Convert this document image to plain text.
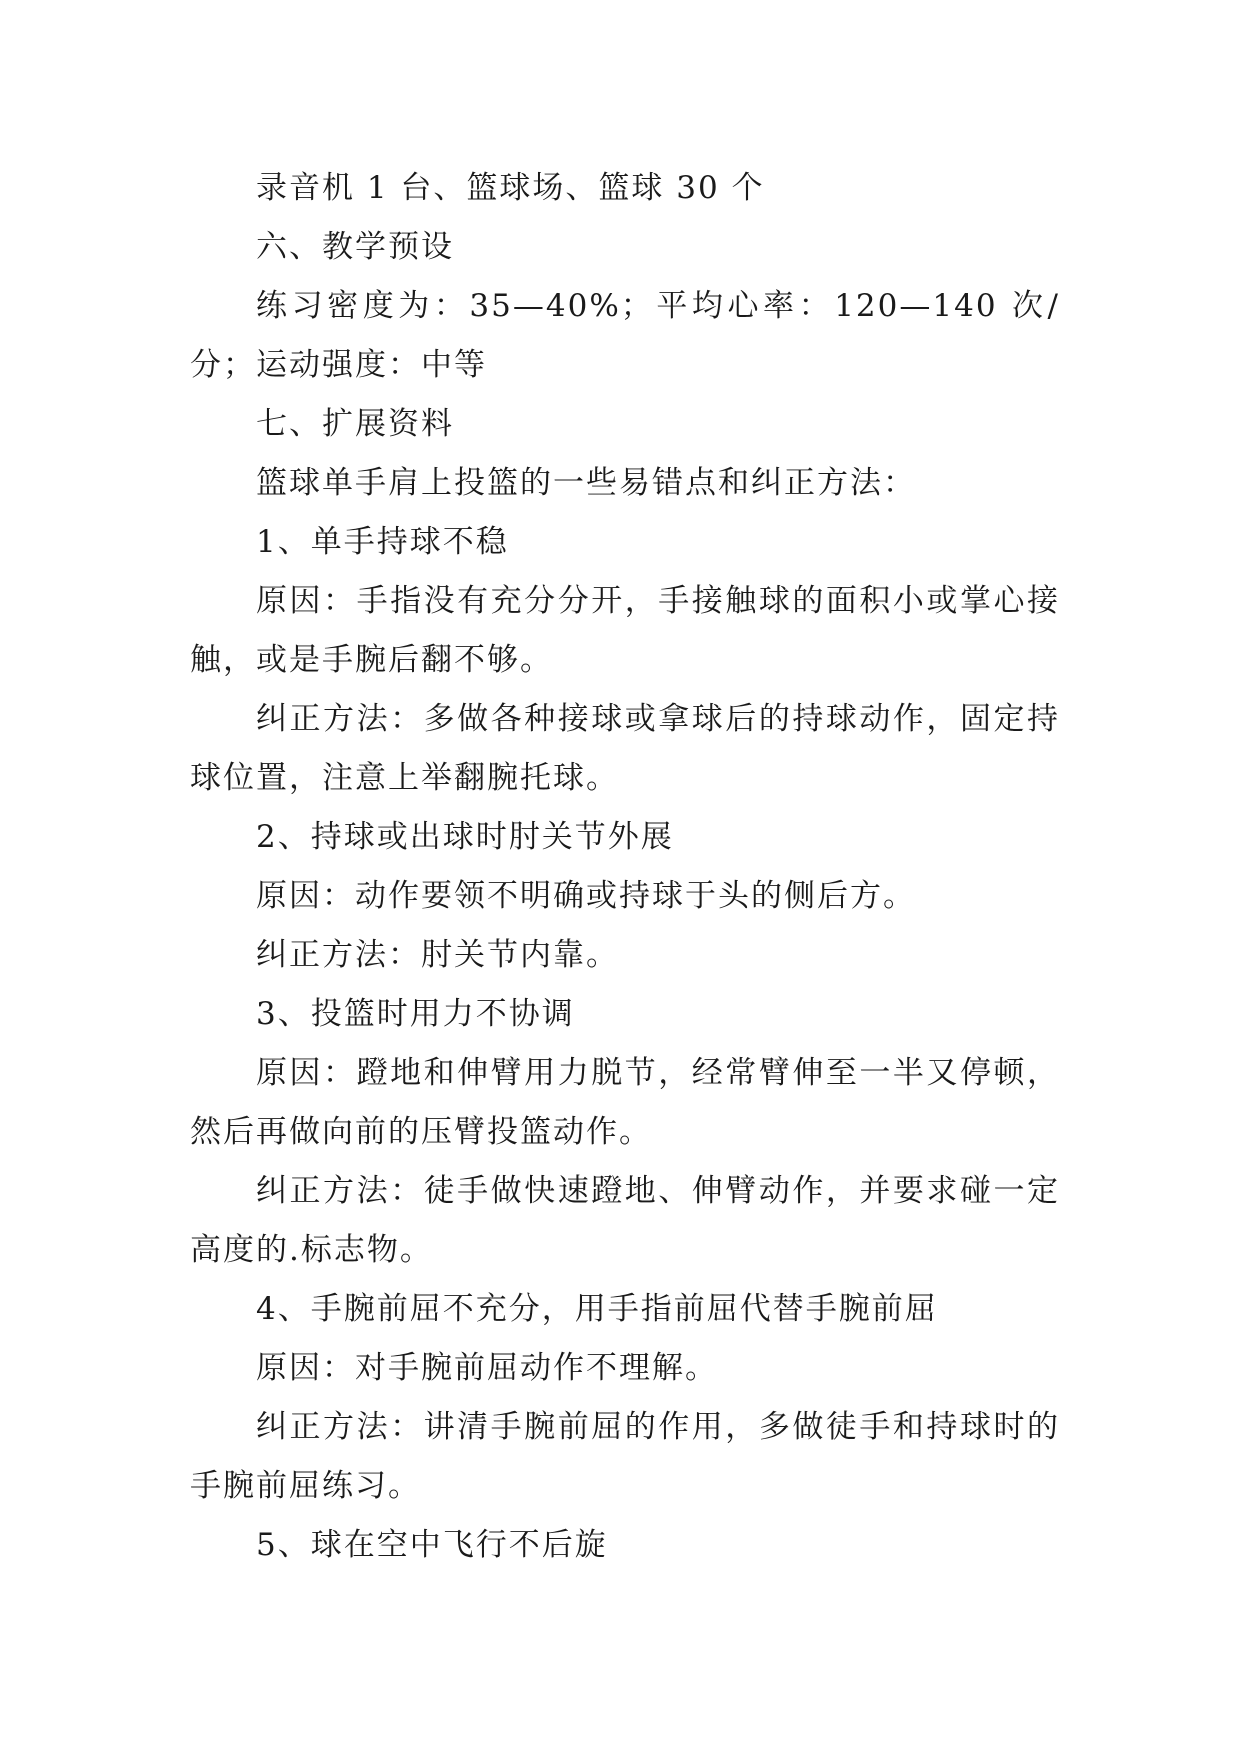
录音机 1 台、篮球场、篮球 30 个

六、教学预设

练习密度为：35—40%；平均心率：120—140 次/分；运动强度：中等

七、扩展资料

篮球单手肩上投篮的一些易错点和纠正方法：

1、单手持球不稳

原因：手指没有充分分开，手接触球的面积小或掌心接触，或是手腕后翻不够。

纠正方法：多做各种接球或拿球后的持球动作，固定持球位置，注意上举翻腕托球。

2、持球或出球时肘关节外展

原因：动作要领不明确或持球于头的侧后方。

纠正方法：肘关节内靠。

3、投篮时用力不协调

原因：蹬地和伸臂用力脱节，经常臂伸至一半又停顿，然后再做向前的压臂投篮动作。

纠正方法：徒手做快速蹬地、伸臂动作，并要求碰一定高度的.标志物。

4、手腕前屈不充分，用手指前屈代替手腕前屈

原因：对手腕前屈动作不理解。

纠正方法：讲清手腕前屈的作用，多做徒手和持球时的手腕前屈练习。

5、球在空中飞行不后旋
